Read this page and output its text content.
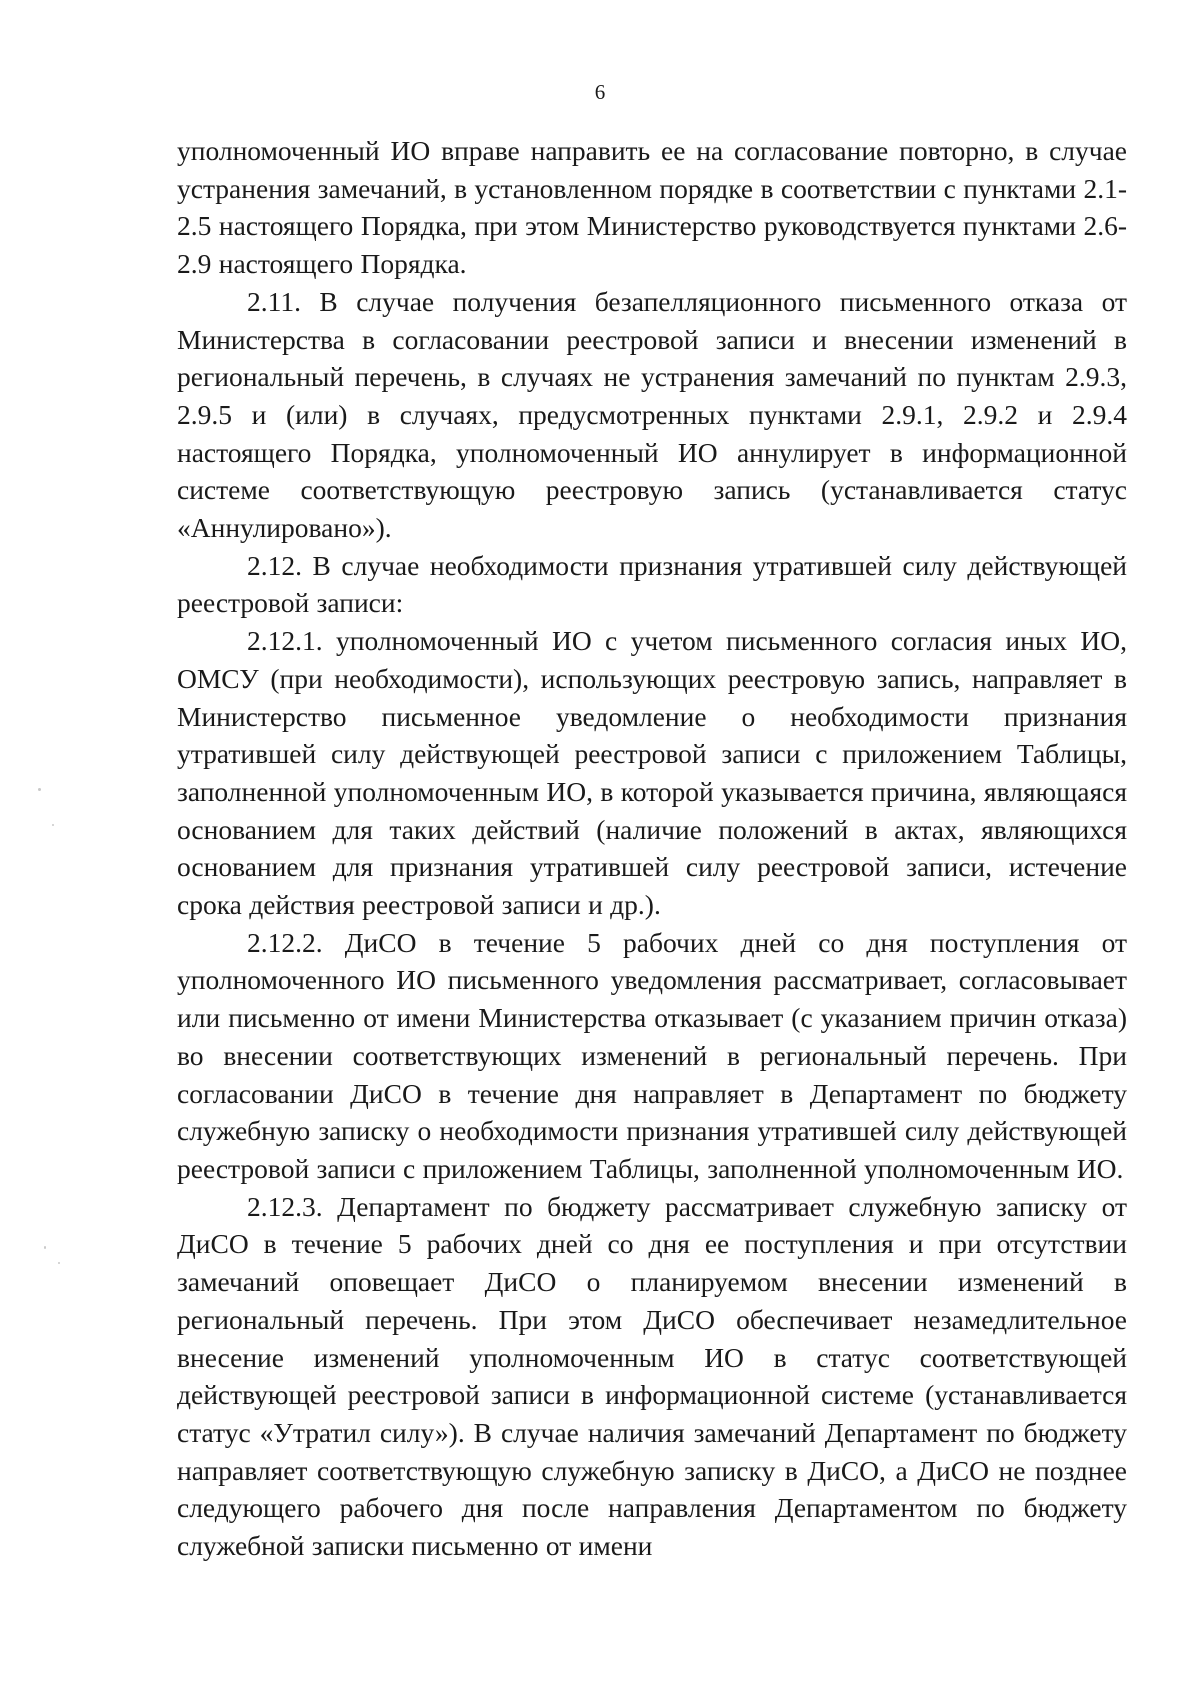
6

уполномоченный ИО вправе направить ее на согласование повторно, в случае устранения замечаний, в установленном порядке в соответствии с пунктами 2.1-2.5 настоящего Порядка, при этом Министерство руководствуется пунктами 2.6-2.9 настоящего Порядка.

2.11. В случае получения безапелляционного письменного отказа от Министерства в согласовании реестровой записи и внесении изменений в региональный перечень, в случаях не устранения замечаний по пунктам 2.9.3, 2.9.5 и (или) в случаях, предусмотренных пунктами 2.9.1, 2.9.2 и 2.9.4 настоящего Порядка, уполномоченный ИО аннулирует в информационной системе соответствующую реестровую запись (устанавливается статус «Аннулировано»).

2.12. В случае необходимости признания утратившей силу действующей реестровой записи:

2.12.1. уполномоченный ИО с учетом письменного согласия иных ИО, ОМСУ (при необходимости), использующих реестровую запись, направляет в Министерство письменное уведомление о необходимости признания утратившей силу действующей реестровой записи с приложением Таблицы, заполненной уполномоченным ИО, в которой указывается причина, являющаяся основанием для таких действий (наличие положений в актах, являющихся основанием для признания утратившей силу реестровой записи, истечение срока действия реестровой записи и др.).

2.12.2. ДиСО в течение 5 рабочих дней со дня поступления от уполномоченного ИО письменного уведомления рассматривает, согласовывает или письменно от имени Министерства отказывает (с указанием причин отказа) во внесении соответствующих изменений в региональный перечень. При согласовании ДиСО в течение дня направляет в Департамент по бюджету служебную записку о необходимости признания утратившей силу действующей реестровой записи с приложением Таблицы, заполненной уполномоченным ИО.

2.12.3. Департамент по бюджету рассматривает служебную записку от ДиСО в течение 5 рабочих дней со дня ее поступления и при отсутствии замечаний оповещает ДиСО о планируемом внесении изменений в региональный перечень. При этом ДиСО обеспечивает незамедлительное внесение изменений уполномоченным ИО в статус соответствующей действующей реестровой записи в информационной системе (устанавливается статус «Утратил силу»). В случае наличия замечаний Департамент по бюджету направляет соответствующую служебную записку в ДиСО, а ДиСО не позднее следующего рабочего дня после направления Департаментом по бюджету служебной записки письменно от имени
